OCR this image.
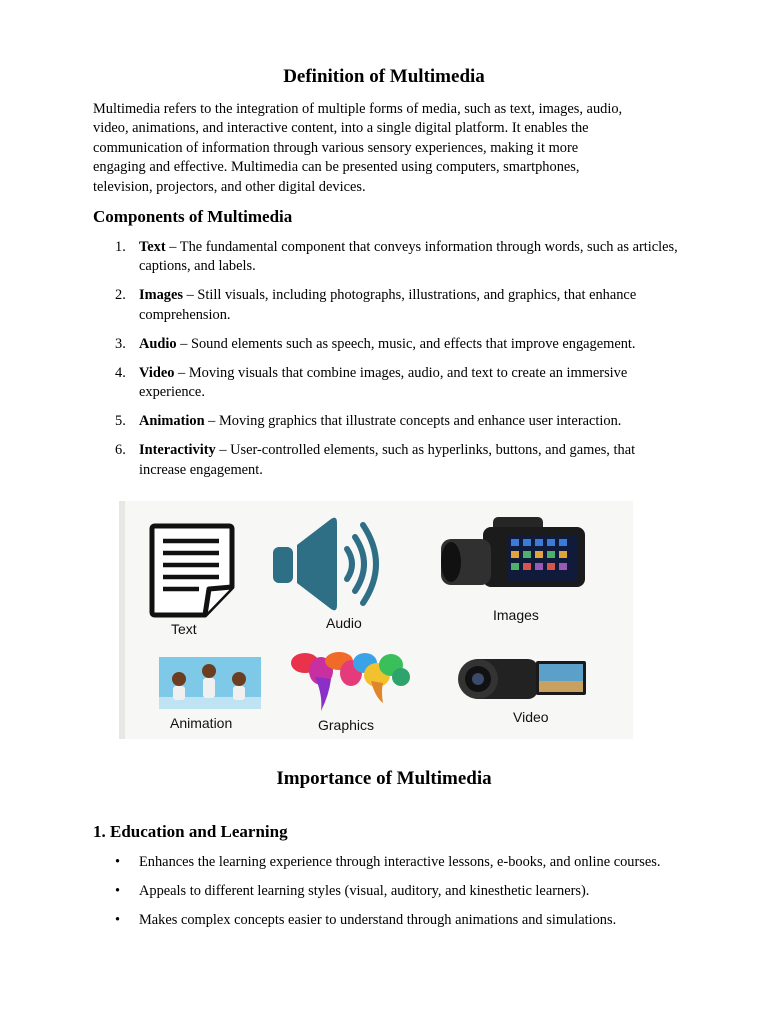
Definition of Multimedia
Multimedia refers to the integration of multiple forms of media, such as text, images, audio,
video, animations, and interactive content, into a single digital platform. It enables the
communication of information through various sensory experiences, making it more
engaging and effective. Multimedia can be presented using computers, smartphones,
television, projectors, and other digital devices.
Components of Multimedia
1. Text – The fundamental component that conveys information through words, such as articles, captions, and labels.
2. Images – Still visuals, including photographs, illustrations, and graphics, that enhance comprehension.
3. Audio – Sound elements such as speech, music, and effects that improve engagement.
4. Video – Moving visuals that combine images, audio, and text to create an immersive experience.
5. Animation – Moving graphics that illustrate concepts and enhance user interaction.
6. Interactivity – User-controlled elements, such as hyperlinks, buttons, and games, that increase engagement.
Text	Audio	Images
Animation	Graphics	Video
Importance of Multimedia
1. Education and Learning
• Enhances the learning experience through interactive lessons, e-books, and online courses.
• Appeals to different learning styles (visual, auditory, and kinesthetic learners).
• Makes complex concepts easier to understand through animations and simulations.
